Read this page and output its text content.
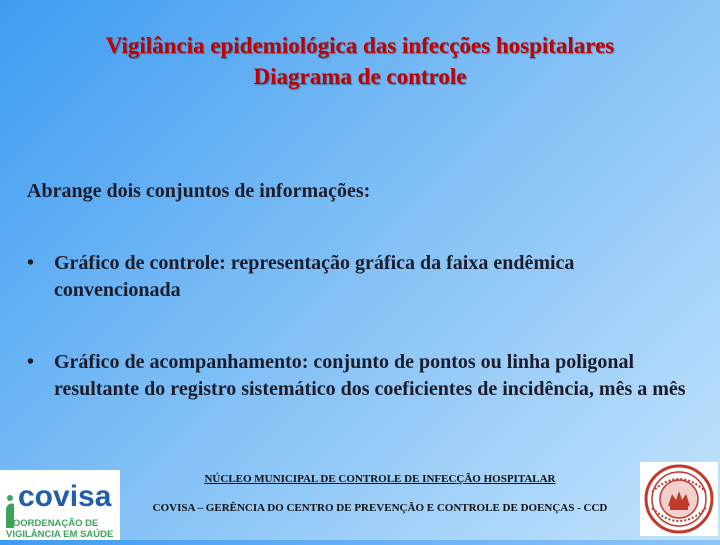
Vigilância epidemiológica das infecções hospitalares
Diagrama de controle
Abrange dois conjuntos de informações:
• Gráfico de controle: representação gráfica da faixa endêmica convencionada
• Gráfico de acompanhamento: conjunto de pontos ou linha poligonal resultante do registro sistemático dos coeficientes de incidência, mês a mês
covisa
COORDENAÇÃO DE
VIGILÂNCIA EM SAÚDE
NÚCLEO MUNICIPAL DE CONTROLE DE INFECÇÃO HOSPITALAR
COVISA – GERÊNCIA DO CENTRO DE PREVENÇÃO E CONTROLE DE DOENÇAS - CCD
